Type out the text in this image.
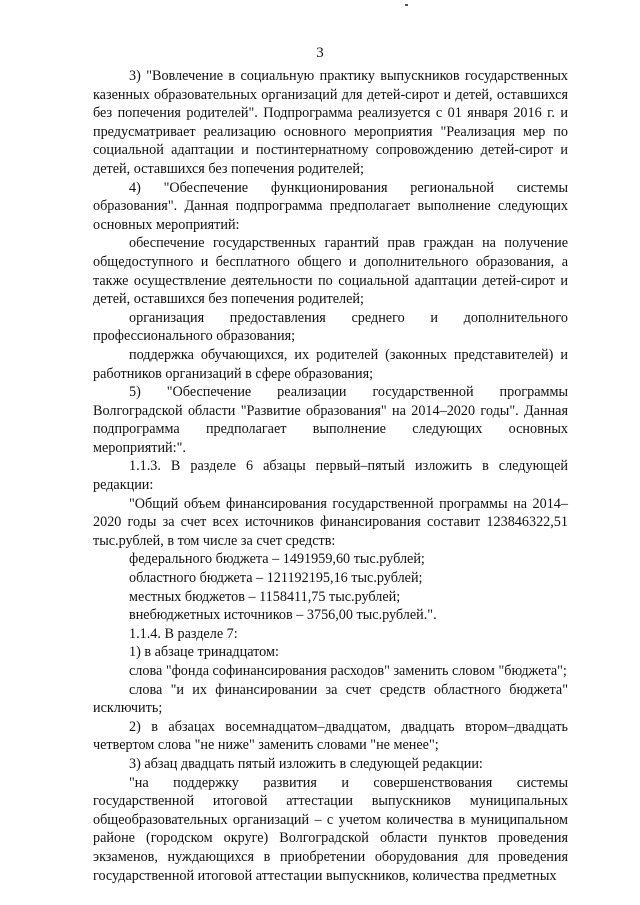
3

3) "Вовлечение в социальную практику выпускников государственных казенных образовательных организаций для детей-сирот и детей, оставшихся без попечения родителей". Подпрограмма реализуется с 01 января 2016 г. и предусматривает реализацию основного мероприятия "Реализация мер по социальной адаптации и постинтернатному сопровождению детей-сирот и детей, оставшихся без попечения родителей;

4) "Обеспечение функционирования региональной системы образования". Данная подпрограмма предполагает выполнение следующих основных мероприятий:

обеспечение государственных гарантий прав граждан на получение общедоступного и бесплатного общего и дополнительного образования, а также осуществление деятельности по социальной адаптации детей-сирот и детей, оставшихся без попечения родителей;

организация предоставления среднего и дополнительного профессионального образования;

поддержка обучающихся, их родителей (законных представителей) и работников организаций в сфере образования;

5) "Обеспечение реализации государственной программы Волгоградской области "Развитие образования" на 2014–2020 годы". Данная подпрограмма предполагает выполнение следующих основных мероприятий:".

1.1.3. В разделе 6 абзацы первый–пятый изложить в следующей редакции:

"Общий объем финансирования государственной программы на 2014–2020 годы за счет всех источников финансирования составит 123846322,51 тыс.рублей, в том числе за счет средств:

федерального бюджета – 1491959,60 тыс.рублей;

областного бюджета – 121192195,16 тыс.рублей;

местных бюджетов – 1158411,75 тыс.рублей;

внебюджетных источников – 3756,00 тыс.рублей.".

1.1.4. В разделе 7:

1) в абзаце тринадцатом:

слова "фонда софинансирования расходов" заменить словом "бюджета";

слова "и их финансировании за счет средств областного бюджета" исключить;

2) в абзацах восемнадцатом–двадцатом, двадцать втором–двадцать четвертом слова "не ниже" заменить словами "не менее";

3) абзац двадцать пятый изложить в следующей редакции:

"на поддержку развития и совершенствования системы государственной итоговой аттестации выпускников муниципальных общеобразовательных организаций – с учетом количества в муниципальном районе (городском округе) Волгоградской области пунктов проведения экзаменов, нуждающихся в приобретении оборудования для проведения государственной итоговой аттестации выпускников, количества предметных
